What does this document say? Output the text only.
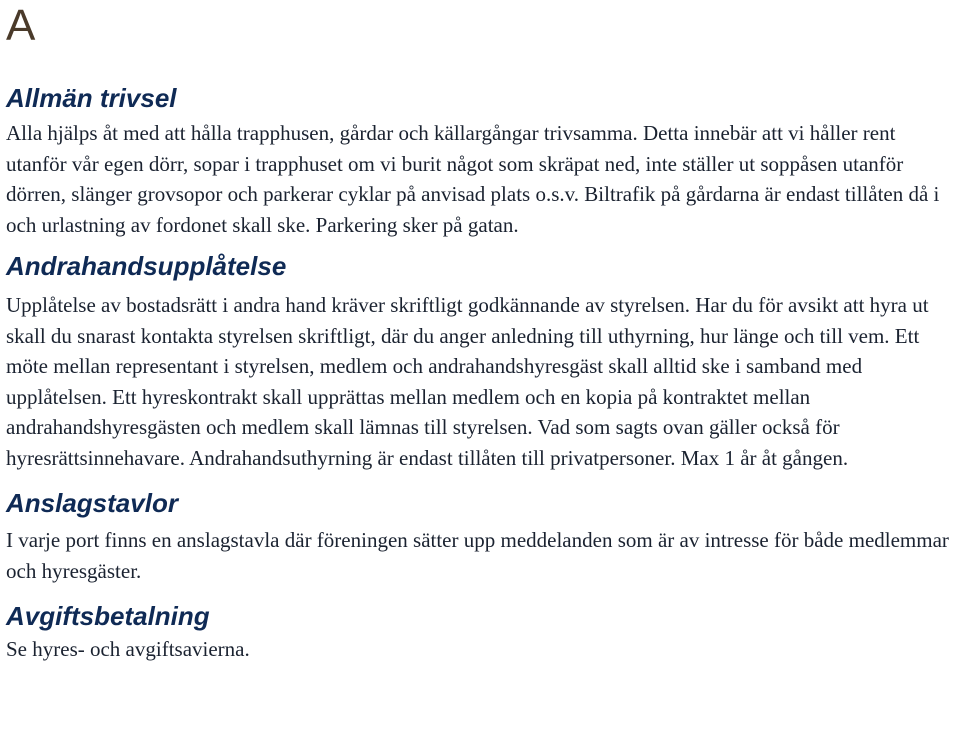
A
Allmän trivsel

Alla hjälps åt med att hålla trapphusen, gårdar och källargångar trivsamma. Detta innebär att vi håller rent utanför vår egen dörr, sopar i trapphuset om vi burit något som skräpat ned, inte ställer ut soppåsen utanför dörren, slänger grovsopor och parkerar cyklar på anvisad plats o.s.v. Biltrafik på gårdarna är endast tillåten då i och urlastning av fordonet skall ske. Parkering sker på gatan.

Andrahandsupplåtelse

Upplåtelse av bostadsrätt i andra hand kräver skriftligt godkännande av styrelsen. Har du för avsikt att hyra ut skall du snarast kontakta styrelsen skriftligt, där du anger anledning till uthyrning, hur länge och till vem. Ett möte mellan representant i styrelsen, medlem och andrahandshyresgäst skall alltid ske i samband med upplåtelsen. Ett hyreskontrakt skall upprättas mellan medlem och en kopia på kontraktet mellan andrahandshyresgästen och medlem skall lämnas till styrelsen. Vad som sagts ovan gäller också för hyresrättsinnehavare. Andrahandsuthyrning är endast tillåten till privatpersoner. Max 1 år åt gången.

Anslagstavlor

I varje port finns en anslagstavla där föreningen sätter upp meddelanden som är av intresse för både medlemmar och hyresgäster.

Avgiftsbetalning

Se hyres- och avgiftsavierna.
